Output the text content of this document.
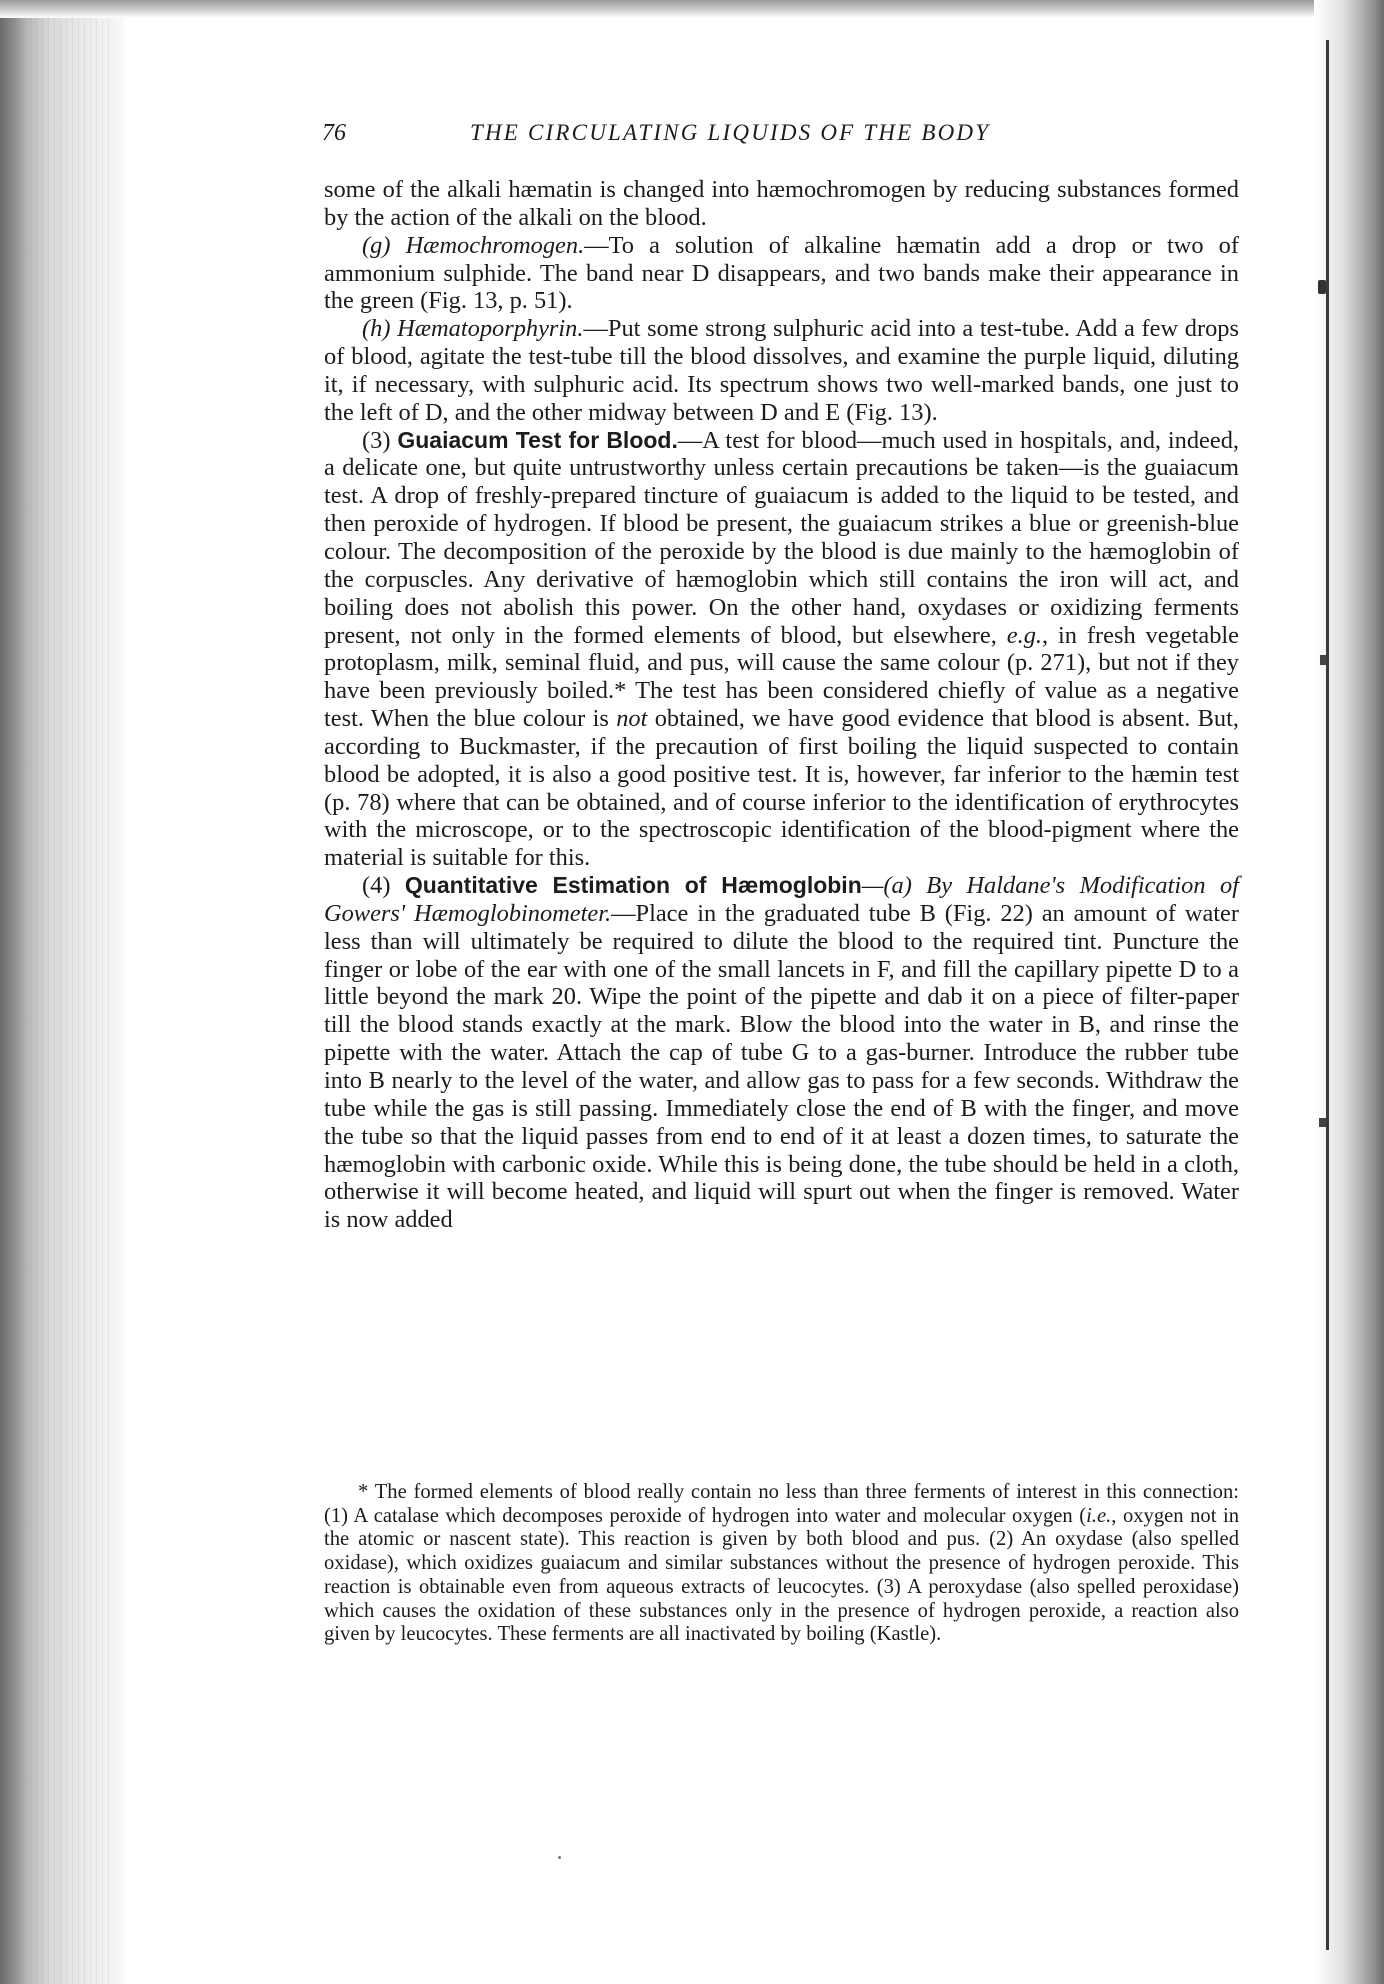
76	THE CIRCULATING LIQUIDS OF THE BODY

some of the alkali hæmatin is changed into hæmochromogen by reducing substances formed by the action of the alkali on the blood.

(g) Hæmochromogen.—To a solution of alkaline hæmatin add a drop or two of ammonium sulphide. The band near D disappears, and two bands make their appearance in the green (Fig. 13, p. 51).

(h) Hæmatoporphyrin.—Put some strong sulphuric acid into a test-tube. Add a few drops of blood, agitate the test-tube till the blood dissolves, and examine the purple liquid, diluting it, if necessary, with sulphuric acid. Its spectrum shows two well-marked bands, one just to the left of D, and the other midway between D and E (Fig. 13).

(3) Guaiacum Test for Blood.—A test for blood—much used in hospitals, and, indeed, a delicate one, but quite untrustworthy unless certain precautions be taken—is the guaiacum test. A drop of freshly-prepared tincture of guaiacum is added to the liquid to be tested, and then peroxide of hydrogen. If blood be present, the guaiacum strikes a blue or greenish-blue colour. The decomposition of the peroxide by the blood is due mainly to the hæmoglobin of the corpuscles. Any derivative of hæmoglobin which still contains the iron will act, and boiling does not abolish this power. On the other hand, oxydases or oxidizing ferments present, not only in the formed elements of blood, but elsewhere, e.g., in fresh vegetable protoplasm, milk, seminal fluid, and pus, will cause the same colour (p. 271), but not if they have been previously boiled.* The test has been considered chiefly of value as a negative test. When the blue colour is not obtained, we have good evidence that blood is absent. But, according to Buckmaster, if the precaution of first boiling the liquid suspected to contain blood be adopted, it is also a good positive test. It is, however, far inferior to the hæmin test (p. 78) where that can be obtained, and of course inferior to the identification of erythrocytes with the microscope, or to the spectroscopic identification of the blood-pigment where the material is suitable for this.

(4) Quantitative Estimation of Hæmoglobin—(a) By Haldane's Modification of Gowers' Hæmoglobinometer.—Place in the graduated tube B (Fig. 22) an amount of water less than will ultimately be required to dilute the blood to the required tint. Puncture the finger or lobe of the ear with one of the small lancets in F, and fill the capillary pipette D to a little beyond the mark 20. Wipe the point of the pipette and dab it on a piece of filter-paper till the blood stands exactly at the mark. Blow the blood into the water in B, and rinse the pipette with the water. Attach the cap of tube G to a gas-burner. Introduce the rubber tube into B nearly to the level of the water, and allow gas to pass for a few seconds. Withdraw the tube while the gas is still passing. Immediately close the end of B with the finger, and move the tube so that the liquid passes from end to end of it at least a dozen times, to saturate the hæmoglobin with carbonic oxide. While this is being done, the tube should be held in a cloth, otherwise it will become heated, and liquid will spurt out when the finger is removed. Water is now added

* The formed elements of blood really contain no less than three ferments of interest in this connection: (1) A catalase which decomposes peroxide of hydrogen into water and molecular oxygen (i.e., oxygen not in the atomic or nascent state). This reaction is given by both blood and pus. (2) An oxydase (also spelled oxidase), which oxidizes guaiacum and similar substances without the presence of hydrogen peroxide. This reaction is obtainable even from aqueous extracts of leucocytes. (3) A peroxydase (also spelled peroxidase) which causes the oxidation of these substances only in the presence of hydrogen peroxide, a reaction also given by leucocytes. These ferments are all inactivated by boiling (Kastle).
